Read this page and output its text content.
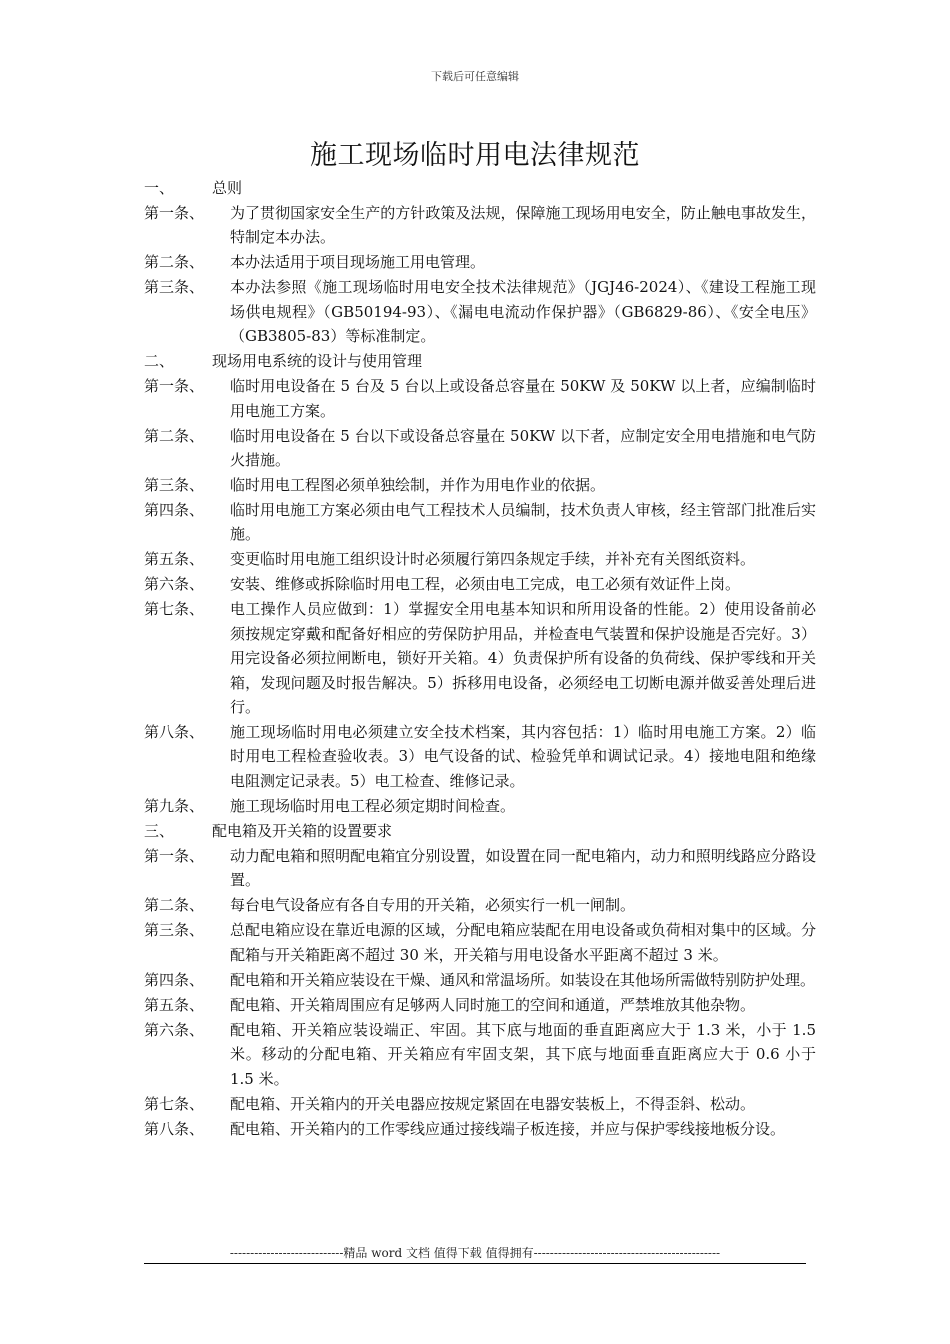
下载后可任意编辑
施工现场临时用电法律规范
一、	总则
第一条、	为了贯彻国家安全生产的方针政策及法规，保障施工现场用电安全，防止触电事故发生，特制定本办法。
第二条、	本办法适用于项目现场施工用电管理。
第三条、	本办法参照《施工现场临时用电安全技术法律规范》（JGJ46-2024）、《建设工程施工现场供电规程》（GB50194-93）、《漏电电流动作保护器》（GB6829-86）、《安全电压》（GB3805-83）等标准制定。
二、	现场用电系统的设计与使用管理
第一条、	临时用电设备在 5 台及 5 台以上或设备总容量在 50KW 及 50KW 以上者，应编制临时用电施工方案。
第二条、	临时用电设备在 5 台以下或设备总容量在 50KW 以下者，应制定安全用电措施和电气防火措施。
第三条、	临时用电工程图必须单独绘制，并作为用电作业的依据。
第四条、	临时用电施工方案必须由电气工程技术人员编制，技术负责人审核，经主管部门批准后实施。
第五条、	变更临时用电施工组织设计时必须履行第四条规定手续，并补充有关图纸资料。
第六条、	安装、维修或拆除临时用电工程，必须由电工完成，电工必须有效证件上岗。
第七条、	电工操作人员应做到：1）掌握安全用电基本知识和所用设备的性能。2）使用设备前必须按规定穿戴和配备好相应的劳保防护用品，并检查电气装置和保护设施是否完好。3）用完设备必须拉闸断电，锁好开关箱。4）负责保护所有设备的负荷线、保护零线和开关箱，发现问题及时报告解决。5）拆移用电设备，必须经电工切断电源并做妥善处理后进行。
第八条、	施工现场临时用电必须建立安全技术档案，其内容包括：1）临时用电施工方案。2）临时用电工程检查验收表。3）电气设备的试、检验凭单和调试记录。4）接地电阻和绝缘电阻测定记录表。5）电工检查、维修记录。
第九条、	施工现场临时用电工程必须定期时间检查。
三、	配电箱及开关箱的设置要求
第一条、	动力配电箱和照明配电箱宜分别设置，如设置在同一配电箱内，动力和照明线路应分路设置。
第二条、	每台电气设备应有各自专用的开关箱，必须实行一机一闸制。
第三条、	总配电箱应设在靠近电源的区域，分配电箱应装配在用电设备或负荷相对集中的区域。分配箱与开关箱距离不超过 30 米，开关箱与用电设备水平距离不超过 3 米。
第四条、	配电箱和开关箱应装设在干燥、通风和常温场所。如装设在其他场所需做特别防护处理。
第五条、	配电箱、开关箱周围应有足够两人同时施工的空间和通道，严禁堆放其他杂物。
第六条、	配电箱、开关箱应装设端正、牢固。其下底与地面的垂直距离应大于 1.3 米，小于 1.5 米。移动的分配电箱、开关箱应有牢固支架，其下底与地面垂直距离应大于 0.6 小于 1.5 米。
第七条、	配电箱、开关箱内的开关电器应按规定紧固在电器安装板上，不得歪斜、松动。
第八条、	配电箱、开关箱内的工作零线应通过接线端子板连接，并应与保护零线接地板分设。
----------------------------精品 word 文档 值得下载 值得拥有----------------------------------------------
